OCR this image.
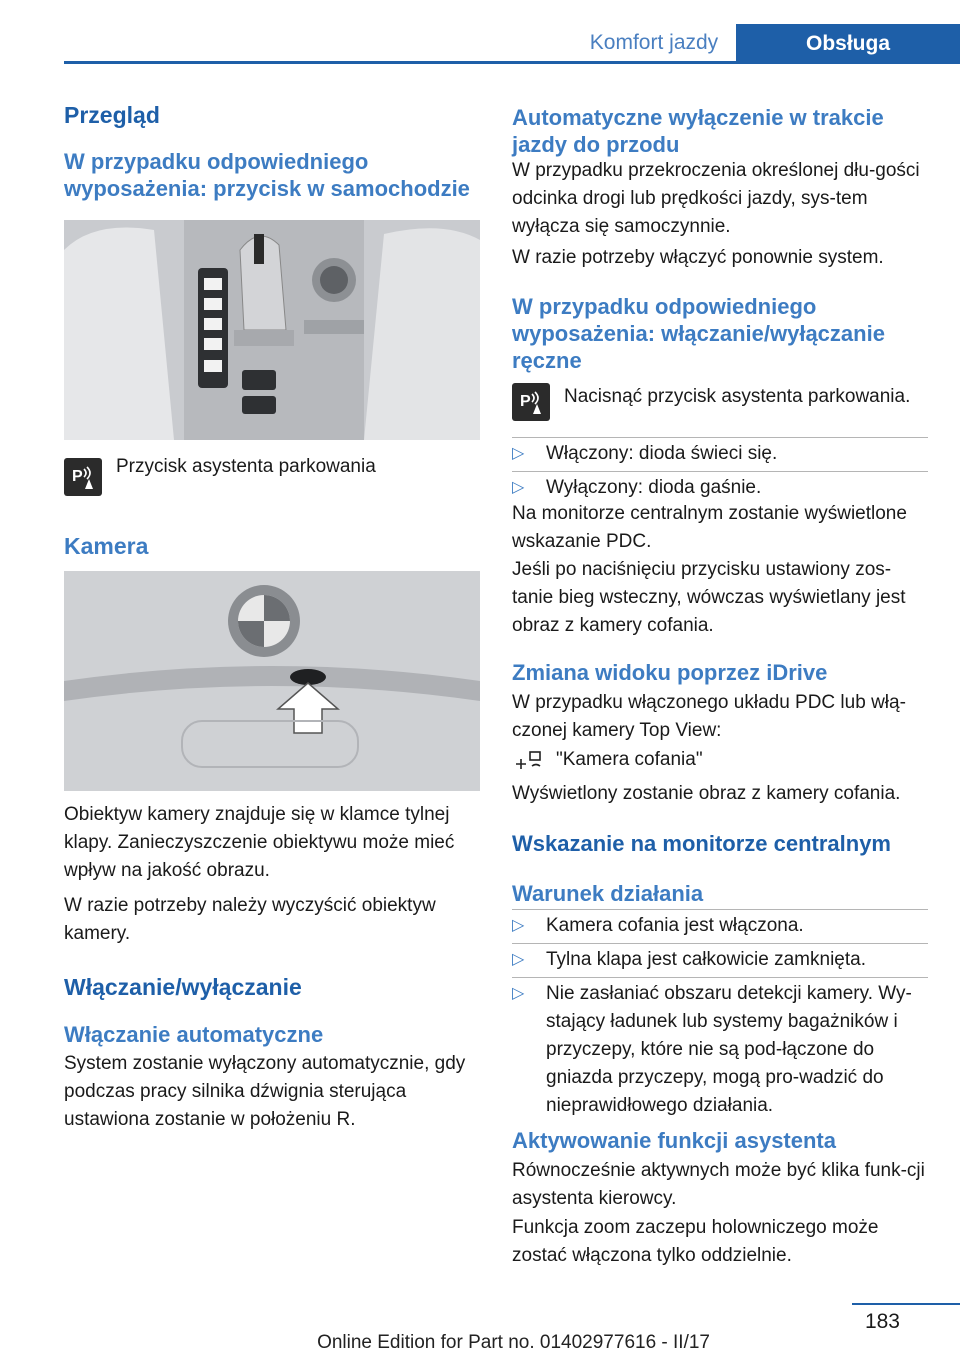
Komfort jazdy	Obsługa
Przegląd
W przypadku odpowiedniego wyposażenia: przycisk w samochodzie
P Przycisk asystenta parkowania
Kamera

Obiektyw kamery znajduje się w klamce tylnej klapy. Zanieczyszczenie obiektywu może mieć wpływ na jakość obrazu.

W razie potrzeby należy wyczyścić obiektyw kamery.

Włączanie/wyłączanie
Włączanie automatyczne

System zostanie wyłączony automatycznie, gdy podczas pracy silnika dźwignia sterująca ustawiona zostanie w położeniu R.

Automatyczne wyłączenie w trakcie jazdy do przodu

W przypadku przekroczenia określonej dłu‐gości odcinka drogi lub prędkości jazdy, sys‐tem wyłącza się samoczynnie.

W razie potrzeby włączyć ponownie system.

W przypadku odpowiedniego wyposażenia: włączanie/wyłączanie ręczne
P Nacisnąć przycisk asystenta parkowania.
▷	Włączony: dioda świeci się.
▷	Wyłączony: dioda gaśnie.

Na monitorze centralnym zostanie wyświetlone wskazanie PDC.

Jeśli po naciśnięciu przycisku ustawiony zos‐tanie bieg wsteczny, wówczas wyświetlany jest obraz z kamery cofania.

Zmiana widoku poprzez iDrive

W przypadku włączonego układu PDC lub włą‐czonej kamery Top View:

"Kamera cofania"

Wyświetlony zostanie obraz z kamery cofania.

Wskazanie na monitorze centralnym
Warunek działania
▷	Kamera cofania jest włączona.
▷	Tylna klapa jest całkowicie zamknięta.
▷	Nie zasłaniać obszaru detekcji kamery. Wy‐stający ładunek lub systemy bagażników i przyczepy, które nie są pod‐łączone do gniazda przyczepy, mogą pro‐wadzić do nieprawidłowego działania.
Aktywowanie funkcji asystenta

Równocześnie aktywnych może być klika funk‐cji asystenta kierowcy.

Funkcja zoom zaczepu holowniczego może zostać włączona tylko oddzielnie.

183
Online Edition for Part no. 01402977616 - II/17
